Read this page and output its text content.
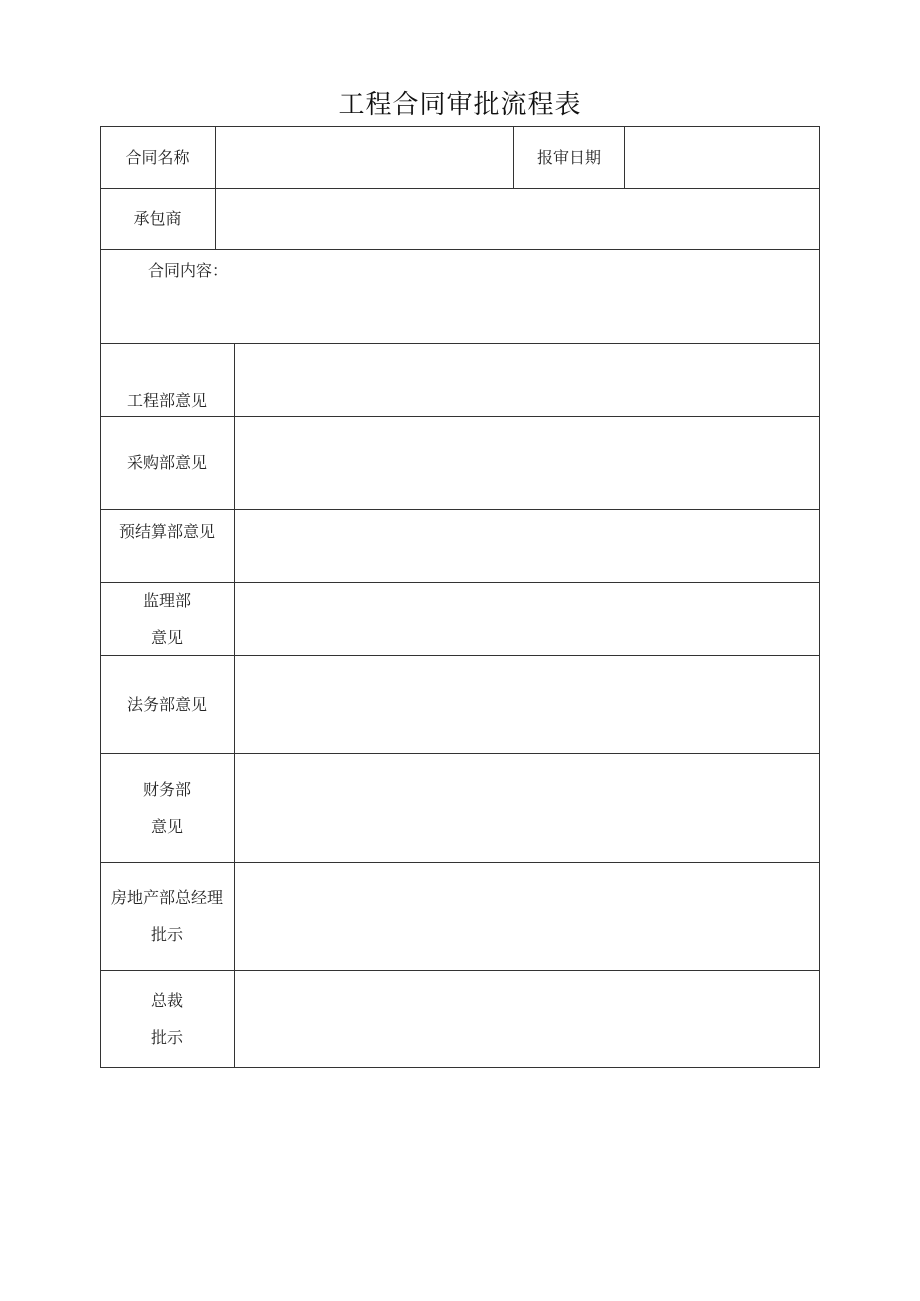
工程合同审批流程表
合同名称	报审日期
承包商
合同内容：
工程部意见
采购部意见
预结算部意见
监理部
意见
法务部意见
财务部
意见
房地产部总经理
批示
总裁
批示
